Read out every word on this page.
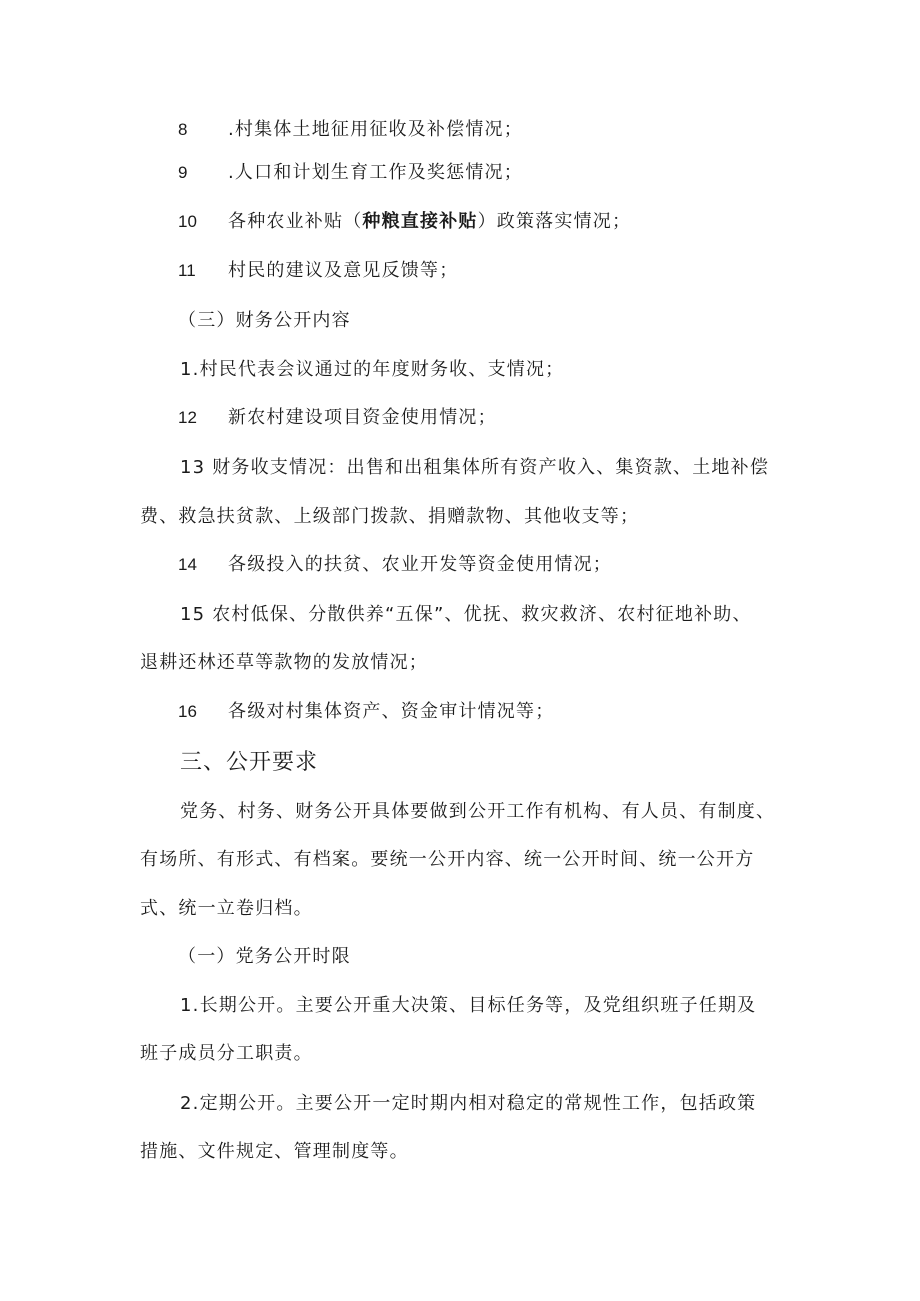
8 .村集体土地征用征收及补偿情况；
9 .人口和计划生育工作及奖惩情况；
10 各种农业补贴（种粮直接补贴）政策落实情况；
11 村民的建议及意见反馈等；
（三）财务公开内容
1.村民代表会议通过的年度财务收、支情况；
12 新农村建设项目资金使用情况；
13 财务收支情况：出售和出租集体所有资产收入、集资款、土地补偿
费、救急扶贫款、上级部门拨款、捐赠款物、其他收支等；
14 各级投入的扶贫、农业开发等资金使用情况；
15 农村低保、分散供养“五保”、优抚、救灾救济、农村征地补助、
退耕还林还草等款物的发放情况；
16 各级对村集体资产、资金审计情况等；
三、公开要求
党务、村务、财务公开具体要做到公开工作有机构、有人员、有制度、
有场所、有形式、有档案。要统一公开内容、统一公开时间、统一公开方
式、统一立卷归档。
（一）党务公开时限
1.长期公开。主要公开重大决策、目标任务等，及党组织班子任期及
班子成员分工职责。
2.定期公开。主要公开一定时期内相对稳定的常规性工作，包括政策
措施、文件规定、管理制度等。
